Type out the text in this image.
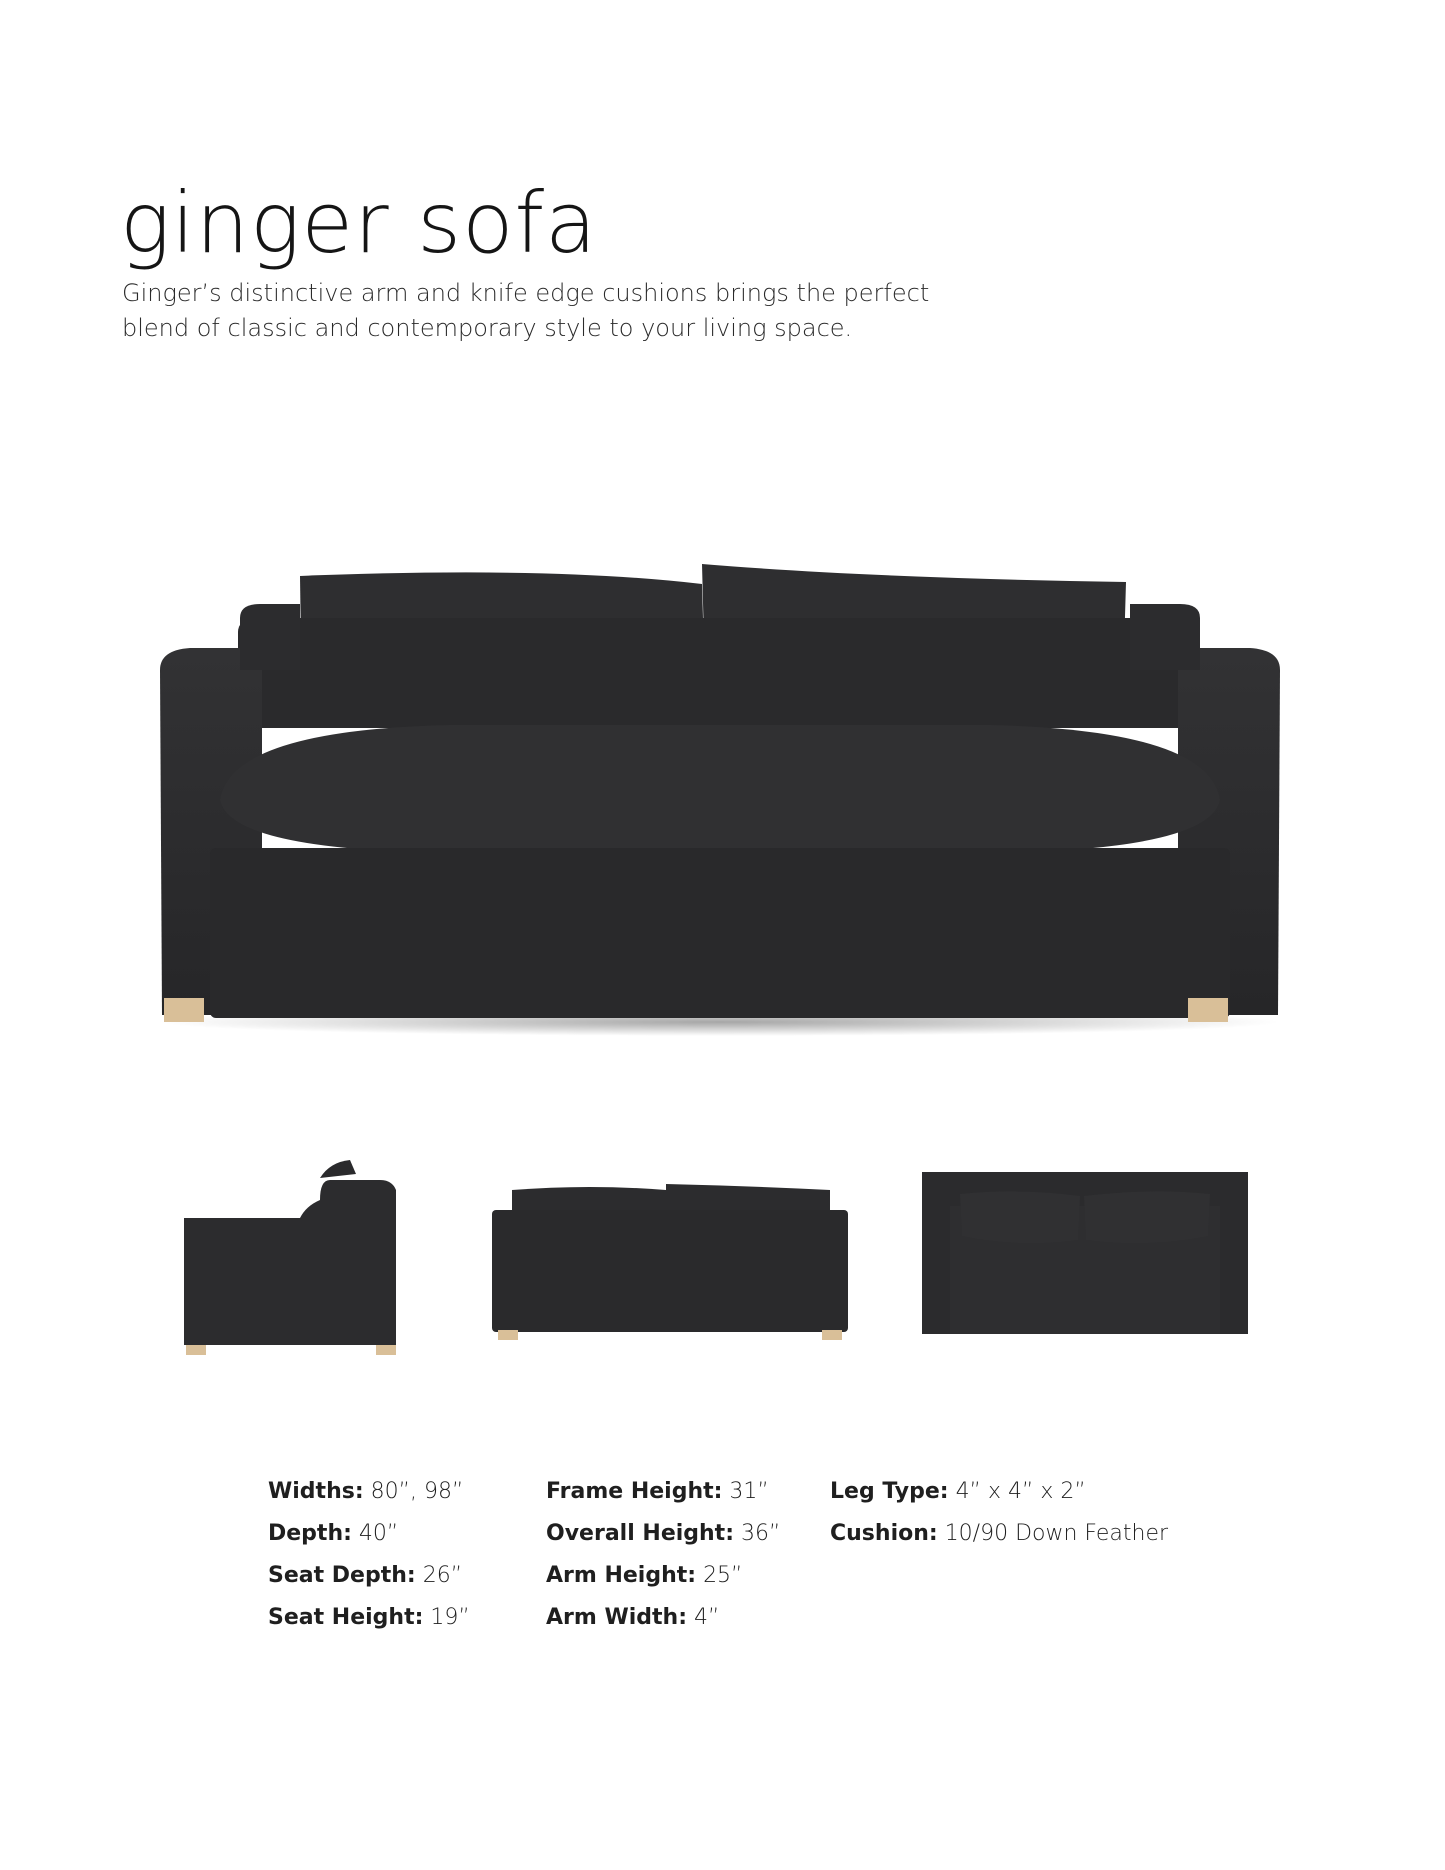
ginger sofa

Ginger’s distinctive arm and knife edge cushions brings the perfect blend of classic and contemporary style to your living space.

Widths: 80”, 98”
Depth: 40”
Seat Depth: 26”
Seat Height: 19”
Frame Height: 31”
Overall Height: 36”
Arm Height: 25”
Arm Width: 4”
Leg Type: 4” x 4” x 2”
Cushion: 10/90 Down Feather
